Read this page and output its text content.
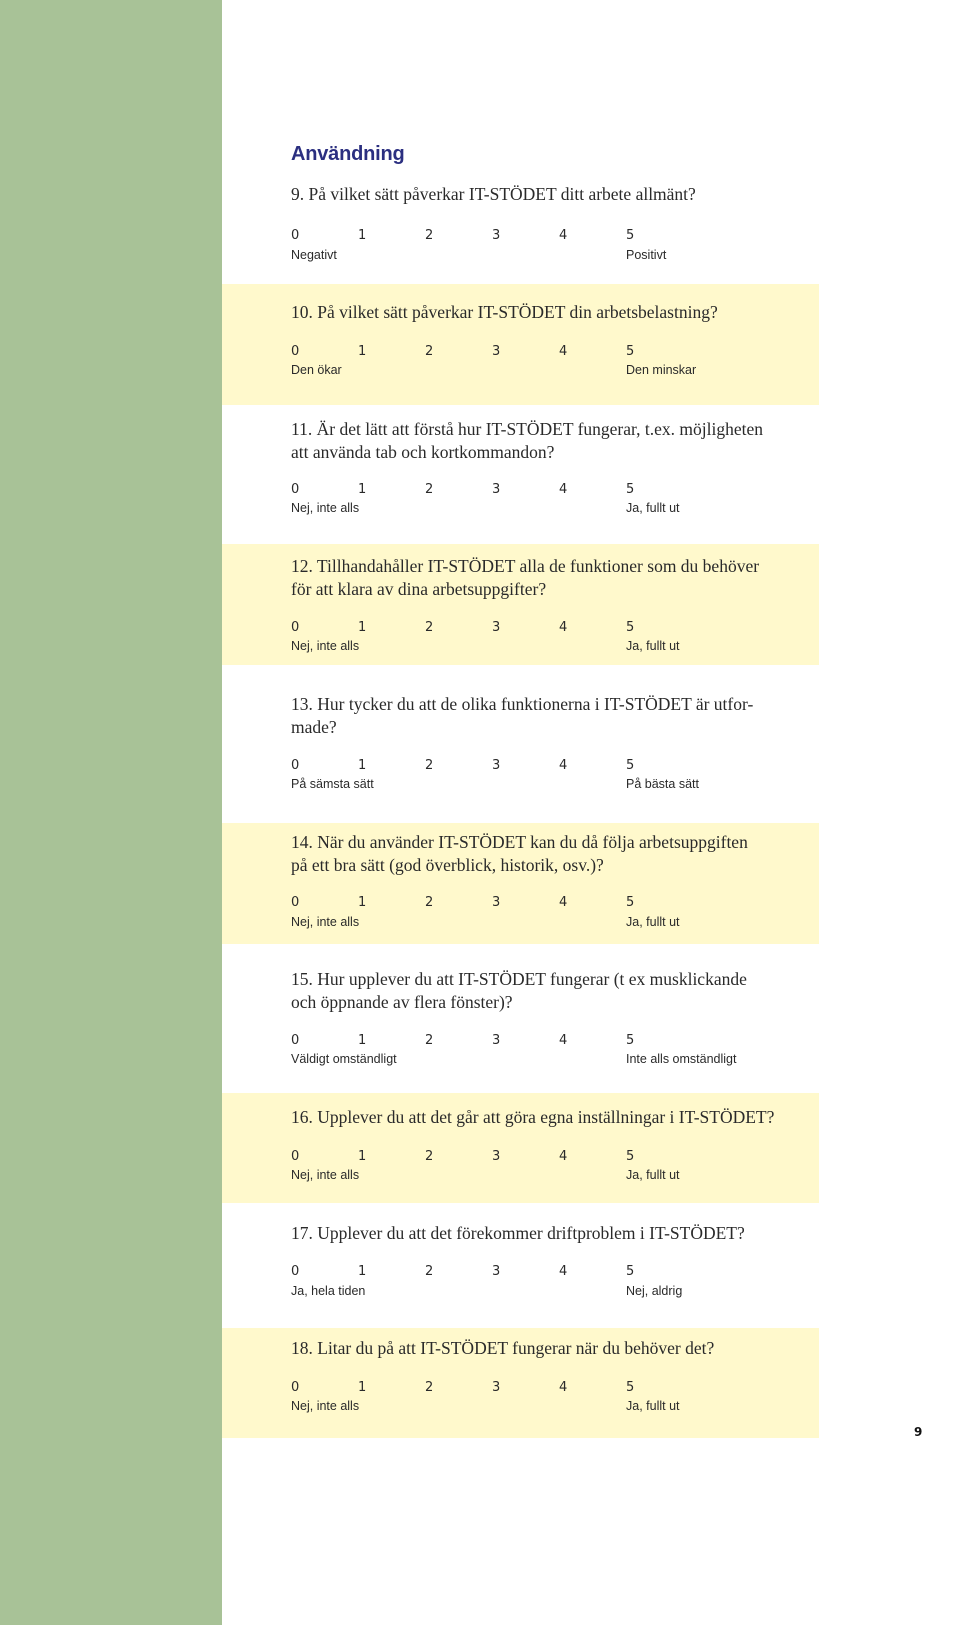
Användning
9. På vilket sätt påverkar IT-STÖDET ditt arbete allmänt?
0	1	2	3	4	5
Negativt	Positivt
10. På vilket sätt påverkar IT-STÖDET din arbetsbelastning?
0	1	2	3	4	5
Den ökar	Den minskar
11. Är det lätt att förstå hur IT-STÖDET fungerar, t.ex. möjligheten
att använda tab och kortkommandon?
0	1	2	3	4	5
Nej, inte alls	Ja, fullt ut
12. Tillhandahåller IT-STÖDET alla de funktioner som du behöver
för att klara av dina arbetsuppgifter?
0	1	2	3	4	5
Nej, inte alls	Ja, fullt ut
13. Hur tycker du att de olika funktionerna i IT-STÖDET är utfor-
made?
0	1	2	3	4	5
På sämsta sätt	På bästa sätt
14. När du använder IT-STÖDET kan du då följa arbetsuppgiften
på ett bra sätt (god överblick, historik, osv.)?
0	1	2	3	4	5
Nej, inte alls	Ja, fullt ut
15. Hur upplever du att IT-STÖDET fungerar (t ex musklickande
och öppnande av flera fönster)?
0	1	2	3	4	5
Väldigt omständligt	Inte alls omständligt
16. Upplever du att det går att göra egna inställningar i IT-STÖDET?
0	1	2	3	4	5
Nej, inte alls	Ja, fullt ut
17. Upplever du att det förekommer driftproblem i IT-STÖDET?
0	1	2	3	4	5
Ja, hela tiden	Nej, aldrig
18. Litar du på att IT-STÖDET fungerar när du behöver det?
0	1	2	3	4	5
Nej, inte alls	Ja, fullt ut
9
